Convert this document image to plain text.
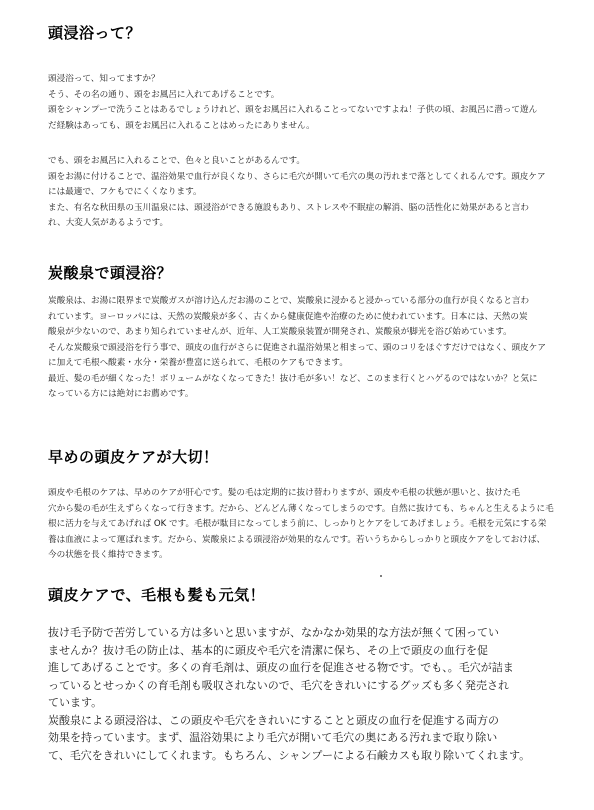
頭浸浴って？
頭浸浴って、知ってますか？
そう、その名の通り、頭をお風呂に入れてあげることです。
頭をシャンプーで洗うことはあるでしょうけれど、頭をお風呂に入れることってないですよね！子供の頃、お風呂に潜って遊ん
だ経験はあっても、頭をお風呂に入れることはめったにありません。
でも、頭をお風呂に入れることで、色々と良いことがあるんです。
頭をお湯に付けることで、温浴効果で血行が良くなり、さらに毛穴が開いて毛穴の奥の汚れまで落としてくれるんです。頭皮ケア
には最適で、フケもでにくくなります。
また、有名な秋田県の玉川温泉には、頭浸浴ができる施設もあり、ストレスや不眠症の解消、脳の活性化に効果があると言わ
れ、大変人気があるようです。
炭酸泉で頭浸浴？
炭酸泉は、お湯に限界まで炭酸ガスが溶け込んだお湯のことで、炭酸泉に浸かると浸かっている部分の血行が良くなると言わ
れています。ヨーロッパには、天然の炭酸泉が多く、古くから健康促進や治療のために使われています。日本には、天然の炭
酸泉が少ないので、あまり知られていませんが、近年、人工炭酸泉装置が開発され、炭酸泉が脚光を浴び始めています。
そんな炭酸泉で頭浸浴を行う事で、頭皮の血行がさらに促進され温浴効果と相まって、頭のコリをほぐすだけではなく、頭皮ケア
に加えて毛根へ酸素・水分・栄養が豊富に送られて、毛根のケアもできます。
最近、髪の毛が細くなった！ボリュームがなくなってきた！抜け毛が多い！など、このまま行くとハゲるのではないか？と気に
なっている方には絶対にお薦めです。
早めの頭皮ケアが大切！
頭皮や毛根のケアは、早めのケアが肝心です。髪の毛は定期的に抜け替わりますが、頭皮や毛根の状態が悪いと、抜けた毛
穴から髪の毛が生えずらくなって行きます。だから、どんどん薄くなってしまうのです。自然に抜けても、ちゃんと生えるように毛
根に活力を与えてあげれば OK です。毛根が駄目になってしまう前に、しっかりとケアをしてあげましょう。毛根を元気にする栄
養は血液によって運ばれます。だから、炭酸泉による頭浸浴が効果的なんです。若いうちからしっかりと頭皮ケアをしておけば、
今の状態を長く維持できます。
頭皮ケアで、毛根も髪も元気！
抜け毛予防で苦労している方は多いと思いますが、なかなか効果的な方法が無くて困ってい
ませんか？抜け毛の防止は、基本的に頭皮や毛穴を清潔に保ち、その上で頭皮の血行を促
進してあげることです。多くの育毛剤は、頭皮の血行を促進させる物です。でも、。毛穴が詰ま
っているとせっかくの育毛剤も吸収されないので、毛穴をきれいにするグッズも多く発売され
ています。
炭酸泉による頭浸浴は、この頭皮や毛穴をきれいにすることと頭皮の血行を促進する両方の
効果を持っています。まず、温浴効果により毛穴が開いて毛穴の奥にある汚れまで取り除い
て、毛穴をきれいにしてくれます。もちろん、シャンプーによる石鹸カスも取り除いてくれます。
